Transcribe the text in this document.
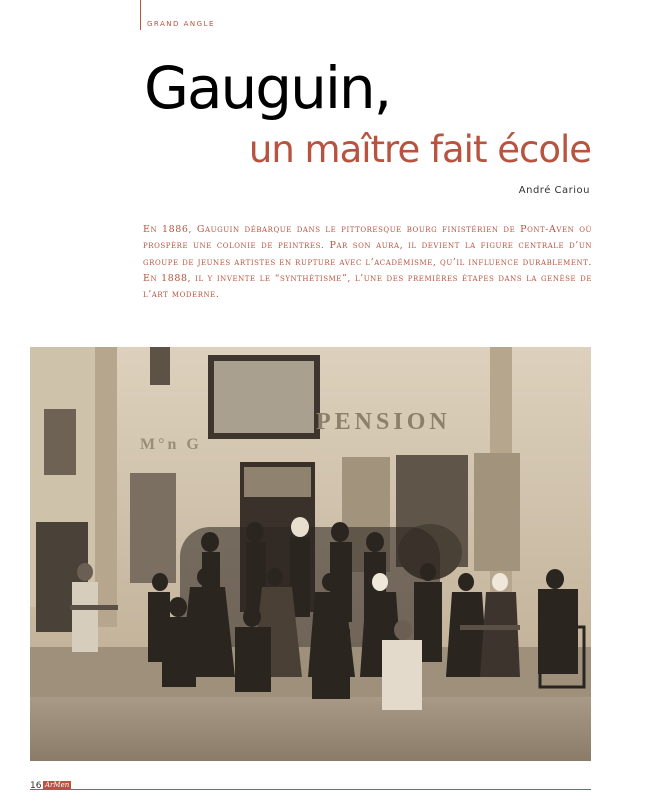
GRAND ANGLE

Gauguin,
un maître fait école

André Cariou

En 1886, Gauguin débarque dans le pittoresque bourg finistérien de Pont-Aven où prospère une colonie de peintres. Par son aura, il devient la figure centrale d’un groupe de jeunes artistes en rupture avec l’académisme, qu’il influence durablement. En 1888, il y invente le “synthétisme”, l’une des premières étapes dans la genèse de l’art moderne.

PENSION
M°n G

16 ArMen
